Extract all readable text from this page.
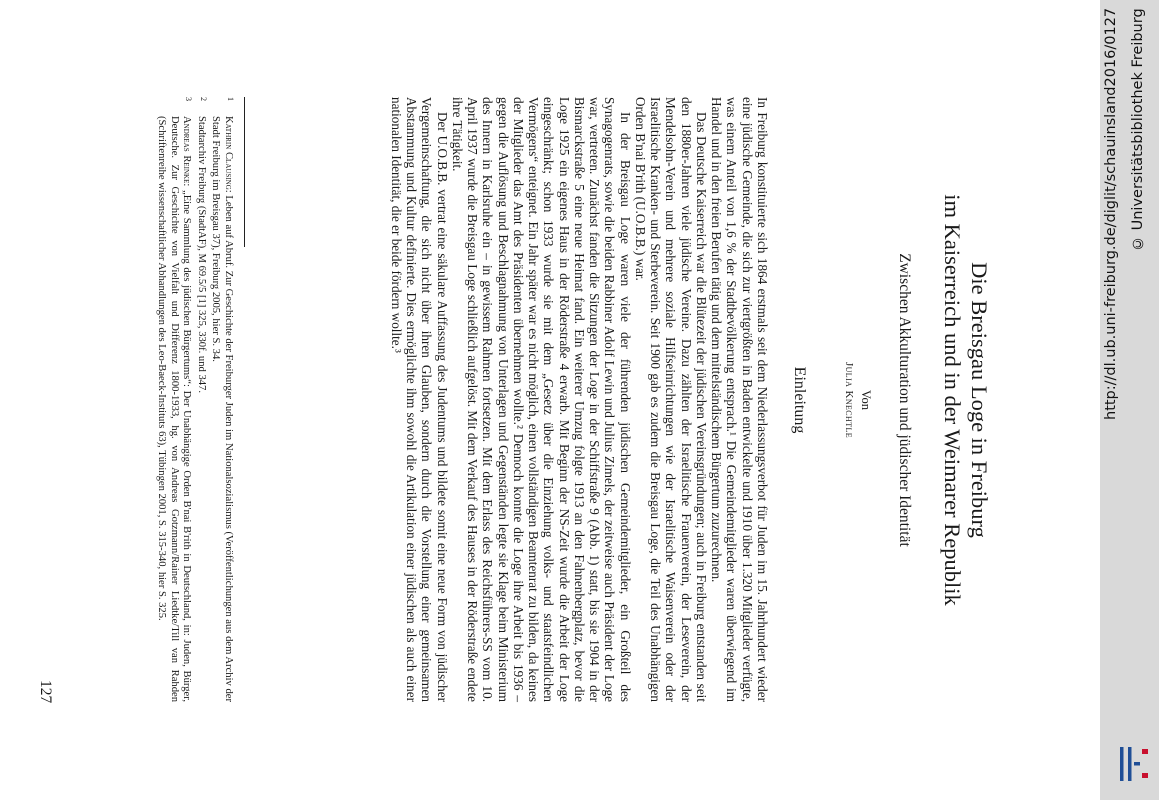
Die Breisgau Loge in Freiburg
im Kaiserreich und in der Weimarer Republik
Zwischen Akkulturation und jüdischer Identität
Von
Julia Knechtle
Einleitung

In Freiburg konstituierte sich 1864 erstmals seit dem Niederlassungsverbot für Juden im 15. Jahrhundert wieder eine jüdische Gemeinde, die sich zur viertgrößten in Baden entwickelte und 1910 über 1.320 Mitglieder verfügte, was einem Anteil von 1,6 % der Stadtbevölkerung entsprach.¹ Die Gemeindemitglieder waren überwiegend im Handel und in den freien Berufen tätig und dem mittelständischem Bürgertum zuzurechnen.

Das Deutsche Kaiserreich war die Blütezeit der jüdischen Vereinsgründungen; auch in Freiburg entstanden seit den 1880er-Jahren viele jüdische Vereine. Dazu zählten der Israelitische Frauenverein, der Leseverein, der Mendelsohn-Verein und mehrere soziale Hilfseinrichtungen wie der Israelitische Waisenverein oder der Israelitische Kranken- und Sterbeverein. Seit 1900 gab es zudem die Breisgau Loge, die Teil des Unabhängigen Orden B'nai B'rith (U.O.B.B.) war.

In der Breisgau Loge waren viele der führenden jüdischen Gemeindemitglieder, ein Großteil des Synagogenrats, sowie die beiden Rabbiner Adolf Lewin und Julius Zimels, der zeitweise auch Präsident der Loge war, vertreten. Zunächst fanden die Sitzungen der Loge in der Schiffstraße 9 (Abb. 1) statt, bis sie 1904 in der Bismarckstraße 5 eine neue Heimat fand. Ein weiterer Umzug folgte 1913 an den Fahnenbergplatz, bevor die Loge 1925 ein eigenes Haus in der Röderstraße 4 erwarb. Mit Beginn der NS-Zeit wurde die Arbeit der Loge eingeschränkt; schon 1933 wurde sie mit dem „Gesetz über die Einziehung volks- und staatsfeindlichen Vermögens“ enteignet. Ein Jahr später war es nicht möglich, einen vollständigen Beamtenrat zu bilden, da keines der Mitglieder das Amt des Präsidenten übernehmen wollte.² Dennoch konnte die Loge ihre Arbeit bis 1936 – gegen die Auflösung und Beschlagnahmung von Unterlagen und Gegenständen legte sie Klage beim Ministerium des Innern in Karlsruhe ein – in gewissem Rahmen fortsetzen. Mit dem Erlass des Reichsführers-SS vom 10. April 1937 wurde die Breisgau Loge schließlich aufgelöst. Mit dem Verkauf des Hauses in der Röderstraße endete ihre Tätigkeit.

Der U.O.B.B. vertrat eine säkulare Auffassung des Judentums und bildete somit eine neue Form von jüdischer Vergemeinschaftung, die sich nicht über ihren Glauben, sondern durch die Vorstellung einer gemeinsamen Abstammung und Kultur definierte. Dies ermöglichte ihm sowohl die Artikulation einer jüdischen als auch einer nationalen Identität, die er beide fördern wollte.³

1
Kathrin Clausing: Leben auf Abruf. Zur Geschichte der Freiburger Juden im Nationalsozialismus (Veröffentlichungen aus dem Archiv der Stadt Freiburg im Breisgau 37), Freiburg 2005, hier S. 34.
2
Stadtarchiv Freiburg (StadtAF), M 69.5/5 [1] 325, 330f. und 347.
3
Andreas Reinke: „Eine Sammlung des jüdischen Bürgertums“: Der Unabhängige Orden B'nai B'rith in Deutschland, in: Juden, Bürger, Deutsche. Zur Geschichte von Vielfalt und Differenz 1800-1933, hg. von Andreas Gotzmann/Rainer Liedtke/Till van Rahden (Schriftenreihe wissenschaftlicher Abhandlungen des Leo-Baeck-Instituts 63), Tübingen 2001, S. 315-340, hier S. 325.
127
http://dl.ub.uni-freiburg.de/diglit/schauinsland2016/0127 © Universitätsbibliothek Freiburg
